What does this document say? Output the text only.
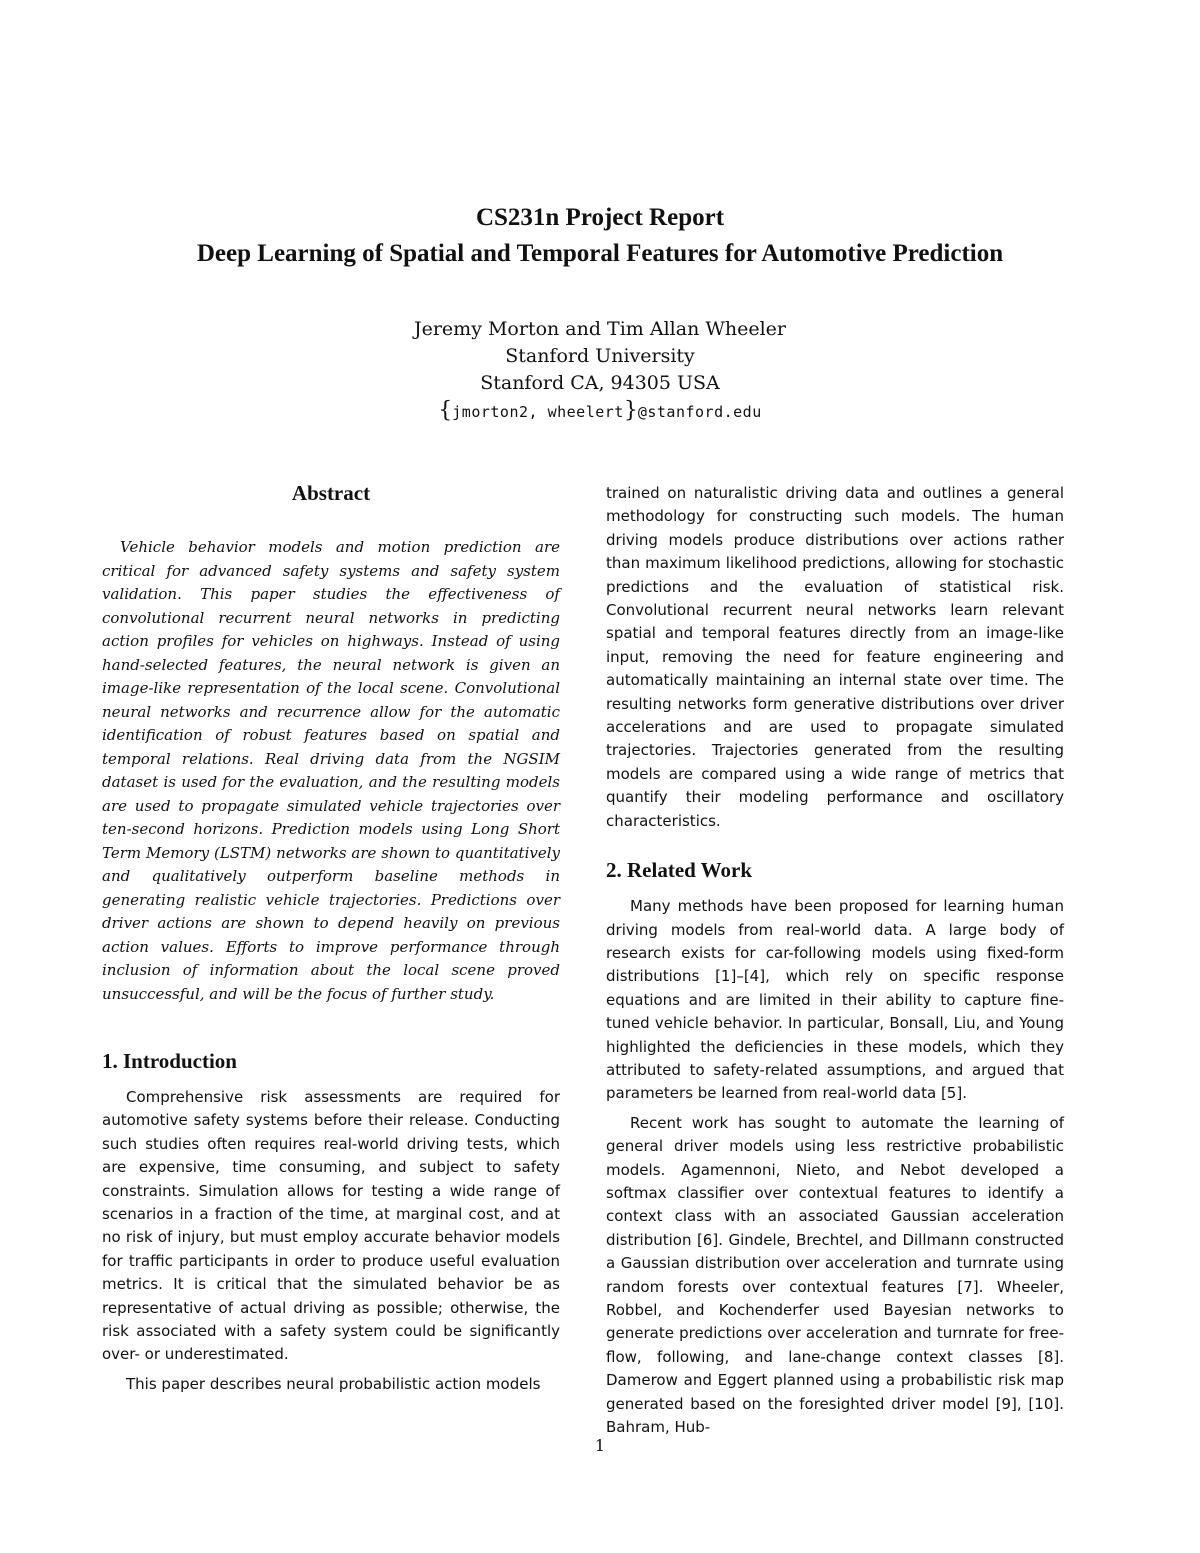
CS231n Project Report

Deep Learning of Spatial and Temporal Features for Automotive Prediction

Jeremy Morton and Tim Allan Wheeler
Stanford University
Stanford CA, 94305 USA
{jmorton2, wheelert}@stanford.edu
Abstract

Vehicle behavior models and motion prediction are critical for advanced safety systems and safety system validation. This paper studies the effectiveness of convolutional recurrent neural networks in predicting action profiles for vehicles on highways. Instead of using hand-selected features, the neural network is given an image-like representation of the local scene. Convolutional neural networks and recurrence allow for the automatic identification of robust features based on spatial and temporal relations. Real driving data from the NGSIM dataset is used for the evaluation, and the resulting models are used to propagate simulated vehicle trajectories over ten-second horizons. Prediction models using Long Short Term Memory (LSTM) networks are shown to quantitatively and qualitatively outperform baseline methods in generating realistic vehicle trajectories. Predictions over driver actions are shown to depend heavily on previous action values. Efforts to improve performance through inclusion of information about the local scene proved unsuccessful, and will be the focus of further study.

1. Introduction

Comprehensive risk assessments are required for automotive safety systems before their release. Conducting such studies often requires real-world driving tests, which are expensive, time consuming, and subject to safety constraints. Simulation allows for testing a wide range of scenarios in a fraction of the time, at marginal cost, and at no risk of injury, but must employ accurate behavior models for traffic participants in order to produce useful evaluation metrics. It is critical that the simulated behavior be as representative of actual driving as possible; otherwise, the risk associated with a safety system could be significantly over- or underestimated.

This paper describes neural probabilistic action models

trained on naturalistic driving data and outlines a general methodology for constructing such models. The human driving models produce distributions over actions rather than maximum likelihood predictions, allowing for stochastic predictions and the evaluation of statistical risk. Convolutional recurrent neural networks learn relevant spatial and temporal features directly from an image-like input, removing the need for feature engineering and automatically maintaining an internal state over time. The resulting networks form generative distributions over driver accelerations and are used to propagate simulated trajectories. Trajectories generated from the resulting models are compared using a wide range of metrics that quantify their modeling performance and oscillatory characteristics.

2. Related Work

Many methods have been proposed for learning human driving models from real-world data. A large body of research exists for car-following models using fixed-form distributions [1]–[4], which rely on specific response equations and are limited in their ability to capture fine-tuned vehicle behavior. In particular, Bonsall, Liu, and Young highlighted the deficiencies in these models, which they attributed to safety-related assumptions, and argued that parameters be learned from real-world data [5].

Recent work has sought to automate the learning of general driver models using less restrictive probabilistic models. Agamennoni, Nieto, and Nebot developed a softmax classifier over contextual features to identify a context class with an associated Gaussian acceleration distribution [6]. Gindele, Brechtel, and Dillmann constructed a Gaussian distribution over acceleration and turnrate using random forests over contextual features [7]. Wheeler, Robbel, and Kochenderfer used Bayesian networks to generate predictions over acceleration and turnrate for free-flow, following, and lane-change context classes [8]. Damerow and Eggert planned using a probabilistic risk map generated based on the foresighted driver model [9], [10]. Bahram, Hub-

1
